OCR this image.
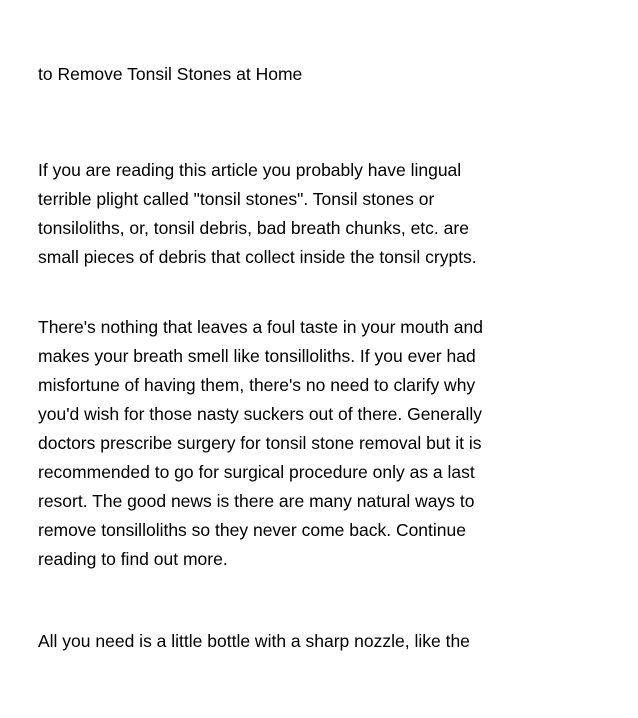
to Remove Tonsil Stones at Home
If you are reading this article you probably have lingual
terrible plight called "tonsil stones". Tonsil stones or
tonsiloliths, or, tonsil debris, bad breath chunks, etc. are
small pieces of debris that collect inside the tonsil crypts.
There's nothing that leaves a foul taste in your mouth and
makes your breath smell like tonsilloliths. If you ever had
misfortune of having them, there's no need to clarify why
you'd wish for those nasty suckers out of there. Generally
doctors prescribe surgery for tonsil stone removal but it is
recommended to go for surgical procedure only as a last
resort. The good news is there are many natural ways to
remove tonsilloliths so they never come back. Continue
reading to find out more.
All you need is a little bottle with a sharp nozzle, like the
